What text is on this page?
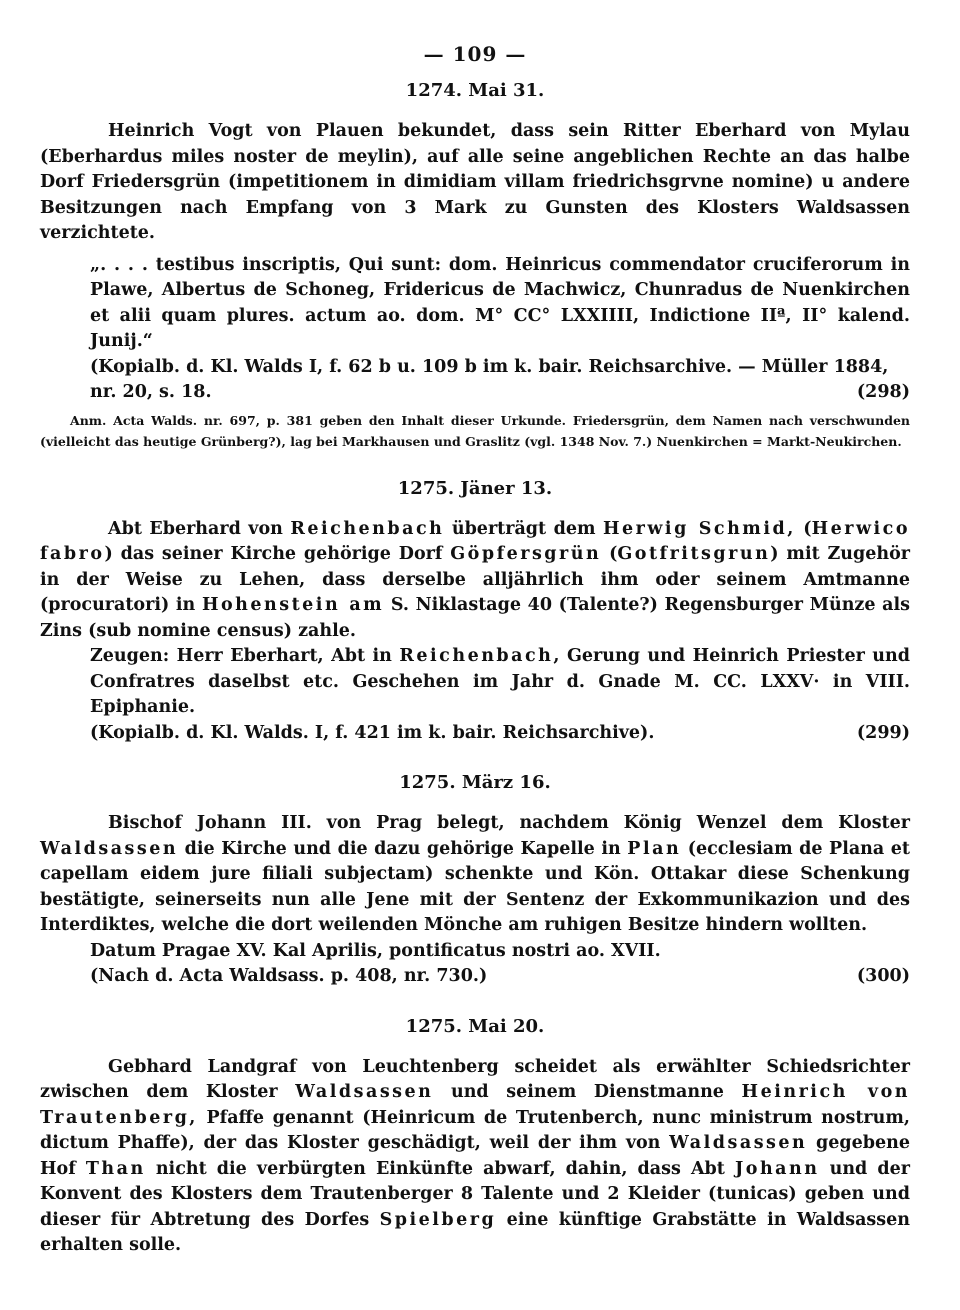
— 109 —
1274. Mai 31.

Heinrich Vogt von Plauen bekundet, dass sein Ritter Eberhard von Mylau (Eberhardus miles noster de meylin), auf alle seine angeblichen Rechte an das halbe Dorf Friedersgrün (impetitionem in dimidiam villam friedrichsgrvne nomine) u andere Besitzungen nach Empfang von 3 Mark zu Gunsten des Klosters Waldsassen verzichtete.

„. . . . testibus inscriptis, Qui sunt: dom. Heinricus commendator cruciferorum in Plawe, Albertus de Schoneg, Fridericus de Machwicz, Chunradus de Nuenkirchen et alii quam plures. actum ao. dom. M° CC° LXXIIII, Indictione IIª, II° kalend. Junij.“

(Kopialb. d. Kl. Walds I, f. 62 b u. 109 b im k. bair. Reichsarchive. — Müller 1884,
nr. 20, s. 18.	(298)

Anm. Acta Walds. nr. 697, p. 381 geben den Inhalt dieser Urkunde. Friedersgrün, dem Namen nach verschwunden (vielleicht das heutige Grünberg?), lag bei Markhausen und Graslitz (vgl. 1348 Nov. 7.) Nuenkirchen = Markt-Neukirchen.

1275. Jäner 13.

Abt Eberhard von Reichenbach überträgt dem Herwig Schmid, (Herwico fabro) das seiner Kirche gehörige Dorf Göpfersgrün (Gotfritsgrun) mit Zugehör in der Weise zu Lehen, dass derselbe alljährlich ihm oder seinem Amtmanne (procuratori) in Hohenstein am S. Niklastage 40 (Talente?) Regensburger Münze als Zins (sub nomine census) zahle.

Zeugen: Herr Eberhart, Abt in Reichenbach, Gerung und Heinrich Priester und Confratres daselbst etc. Geschehen im Jahr d. Gnade M. CC. LXXV· in VIII. Epiphanie.

(Kopialb. d. Kl. Walds. I, f. 421 im k. bair. Reichsarchive).	(299)
1275. März 16.

Bischof Johann III. von Prag belegt, nachdem König Wenzel dem Kloster Waldsassen die Kirche und die dazu gehörige Kapelle in Plan (ecclesiam de Plana et capellam eidem jure filiali subjectam) schenkte und Kön. Ottakar diese Schenkung bestätigte, seinerseits nun alle Jene mit der Sentenz der Exkommunikazion und des Interdiktes, welche die dort weilenden Mönche am ruhigen Besitze hindern wollten.

Datum Pragae XV. Kal Aprilis, pontificatus nostri ao. XVII.

(Nach d. Acta Waldsass. p. 408, nr. 730.)	(300)
1275. Mai 20.

Gebhard Landgraf von Leuchtenberg scheidet als erwählter Schiedsrichter zwischen dem Kloster Waldsassen und seinem Dienstmanne Heinrich von Trautenberg, Pfaffe genannt (Heinricum de Trutenberch, nunc ministrum nostrum, dictum Phaffe), der das Kloster geschädigt, weil der ihm von Waldsassen gegebene Hof Than nicht die verbürgten Einkünfte abwarf, dahin, dass Abt Johann und der Konvent des Klosters dem Trautenberger 8 Talente und 2 Kleider (tunicas) geben und dieser für Abtretung des Dorfes Spielberg eine künftige Grabstätte in Waldsassen erhalten solle.
